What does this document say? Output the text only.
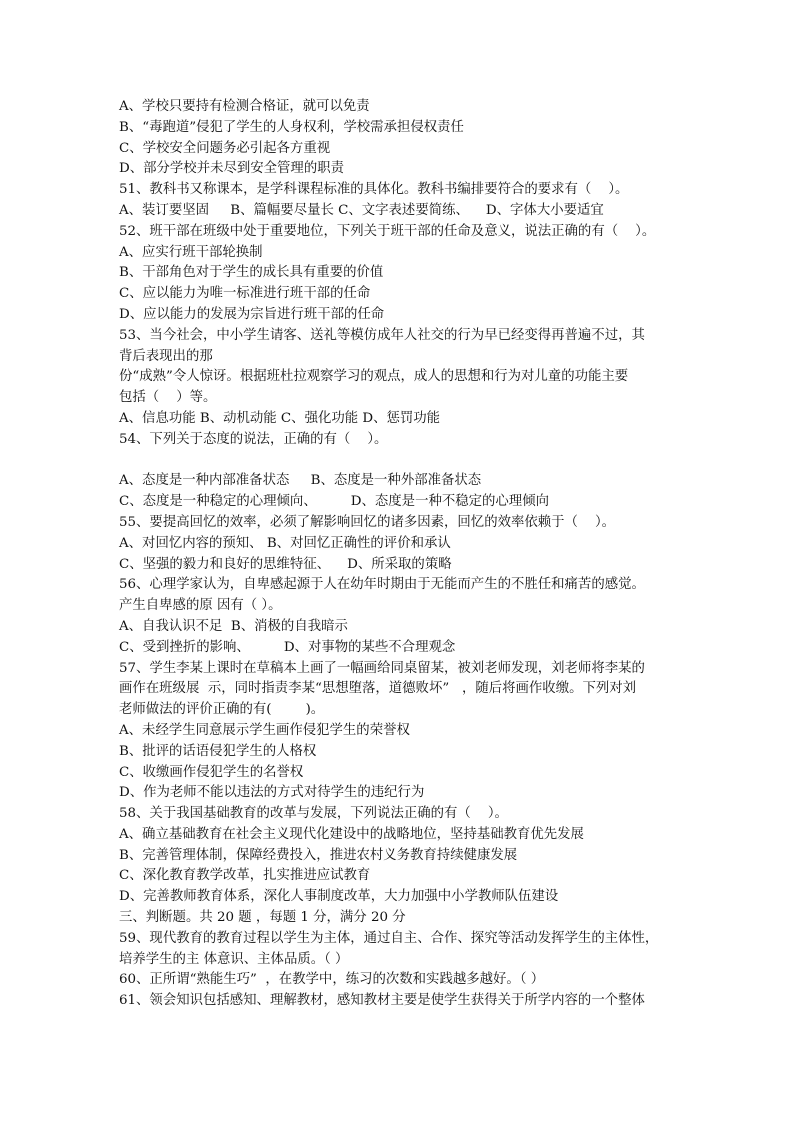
A、学校只要持有检测合格证，就可以免责
B、“毒跑道”侵犯了学生的人身权利，学校需承担侵权责任
C、学校安全问题务必引起各方重视
D、部分学校并未尽到安全管理的职责
51、教科书又称课本，是学科课程标准的具体化。教科书编排要符合的要求有（    ）。
A、装订要坚固     B、篇幅要尽量长 C、文字表述要简练、    D、字体大小要适宜
52、班干部在班级中处于重要地位，下列关于班干部的任命及意义，说法正确的有（    ）。
A、应实行班干部轮换制
B、干部角色对于学生的成长具有重要的价值
C、应以能力为唯一标准进行班干部的任命
D、应以能力的发展为宗旨进行班干部的任命
53、当今社会，中小学生请客、送礼等模仿成年人社交的行为早已经变得再普遍不过，其
背后表现出的那
份“成熟”令人惊讶。根据班杜拉观察学习的观点，成人的思想和行为对儿童的功能主要
包括（    ）等。
A、信息功能 B、动机动能 C、强化功能 D、惩罚功能
54、下列关于态度的说法，正确的有（    ）。
A、态度是一种内部准备状态     B、态度是一种外部准备状态
C、态度是一种稳定的心理倾向、        D、态度是一种不稳定的心理倾向
55、要提高回忆的效率，必须了解影响回忆的诸多因素，回忆的效率依赖于（    ）。
A、对回忆内容的预知、 B、对回忆正确性的评价和承认
C、坚强的毅力和良好的思维特征、    D、所采取的策略
56、心理学家认为，自卑感起源于人在幼年时期由于无能而产生的不胜任和痛苦的感觉。
产生自卑感的原 因有（ ）。
A、自我认识不足  B、消极的自我暗示
C、受到挫折的影响、        D、对事物的某些不合理观念
57、学生李某上课时在草稿本上画了一幅画给同桌留某，被刘老师发现，刘老师将李某的
画作在班级展  示，同时指责李某“思想堕落，道德败坏”   ，随后将画作收缴。下列对刘
老师做法的评价正确的有(        )。
A、未经学生同意展示学生画作侵犯学生的荣誉权
B、批评的话语侵犯学生的人格权
C、收缴画作侵犯学生的名誉权
D、作为老师不能以违法的方式对待学生的违纪行为
58、关于我国基础教育的改革与发展，下列说法正确的有（    ）。
A、确立基础教育在社会主义现代化建设中的战略地位，坚持基础教育优先发展
B、完善管理体制，保障经费投入，推进农村义务教育持续健康发展
C、深化教育教学改革，扎实推进应试教育
D、完善教师教育体系，深化人事制度改革，大力加强中小学教师队伍建设
三、判断题。共 20 题 ，每题 1 分，满分 20 分
59、现代教育的教育过程以学生为主体，通过自主、合作、探究等活动发挥学生的主体性，
培养学生的主 体意识、主体品质。（ ）
60、正所谓“熟能生巧”  ，在教学中，练习的次数和实践越多越好。（ ）
61、领会知识包括感知、理解教材，感知教材主要是使学生获得关于所学内容的一个整体
